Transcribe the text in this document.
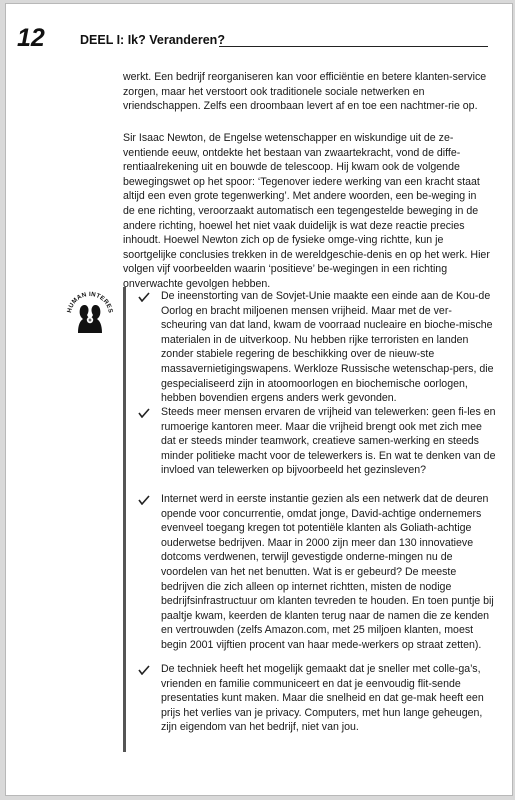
12	DEEL I: Ik? Veranderen?

werkt. Een bedrijf reorganiseren kan voor efficiëntie en betere klanten-service zorgen, maar het verstoort ook traditionele sociale netwerken en vriendschappen. Zelfs een droombaan levert af en toe een nachtmer-rie op.

Sir Isaac Newton, de Engelse wetenschapper en wiskundige uit de ze-ventiende eeuw, ontdekte het bestaan van zwaartekracht, vond de diffe-rentiaalrekening uit en bouwde de telescoop. Hij kwam ook de volgende bewegingswet op het spoor: ‘Tegenover iedere werking van een kracht staat altijd een even grote tegenwerking’. Met andere woorden, een be-weging in de ene richting, veroorzaakt automatisch een tegengestelde beweging in de andere richting, hoewel het niet vaak duidelijk is wat deze reactie precies inhoudt. Hoewel Newton zich op de fysieke omge-ving richtte, kun je soortgelijke conclusies trekken in de wereldgeschie-denis en op het werk. Hier volgen vijf voorbeelden waarin ‘positieve’ be-wegingen in een richting onverwachte gevolgen hebben.

HUMAN INTERES
De ineenstorting van de Sovjet-Unie maakte een einde aan de Kou-de Oorlog en bracht miljoenen mensen vrijheid. Maar met de ver-scheuring van dat land, kwam de voorraad nucleaire en bioche-mische materialen in de uitverkoop. Nu hebben rijke terroristen en landen zonder stabiele regering de beschikking over de nieuw-ste massavernietigingswapens. Werkloze Russische wetenschap-pers, die gespecialiseerd zijn in atoomoorlogen en biochemische oorlogen, hebben bovendien ergens anders werk gevonden.
Steeds meer mensen ervaren de vrijheid van telewerken: geen fi-les en rumoerige kantoren meer. Maar die vrijheid brengt ook met zich mee dat er steeds minder teamwork, creatieve samen-werking en steeds minder politieke macht voor de telewerkers is. En wat te denken van de invloed van telewerken op bijvoorbeeld het gezinsleven?
Internet werd in eerste instantie gezien als een netwerk dat de deuren opende voor concurrentie, omdat jonge, David-achtige ondernemers evenveel toegang kregen tot potentiële klanten als Goliath-achtige ouderwetse bedrijven. Maar in 2000 zijn meer dan 130 innovatieve dotcoms verdwenen, terwijl gevestigde onderne-mingen nu de voordelen van het net benutten. Wat is er gebeurd? De meeste bedrijven die zich alleen op internet richtten, misten de nodige bedrijfsinfrastructuur om klanten tevreden te houden. En toen puntje bij paaltje kwam, keerden de klanten terug naar de namen die ze kenden en vertrouwden (zelfs Amazon.com, met 25 miljoen klanten, moest begin 2001 vijftien procent van haar mede-werkers op straat zetten).
De techniek heeft het mogelijk gemaakt dat je sneller met colle-ga’s, vrienden en familie communiceert en dat je eenvoudig flit-sende presentaties kunt maken. Maar die snelheid en dat ge-mak heeft een prijs het verlies van je privacy. Computers, met hun lange geheugen, zijn eigendom van het bedrijf, niet van jou.
